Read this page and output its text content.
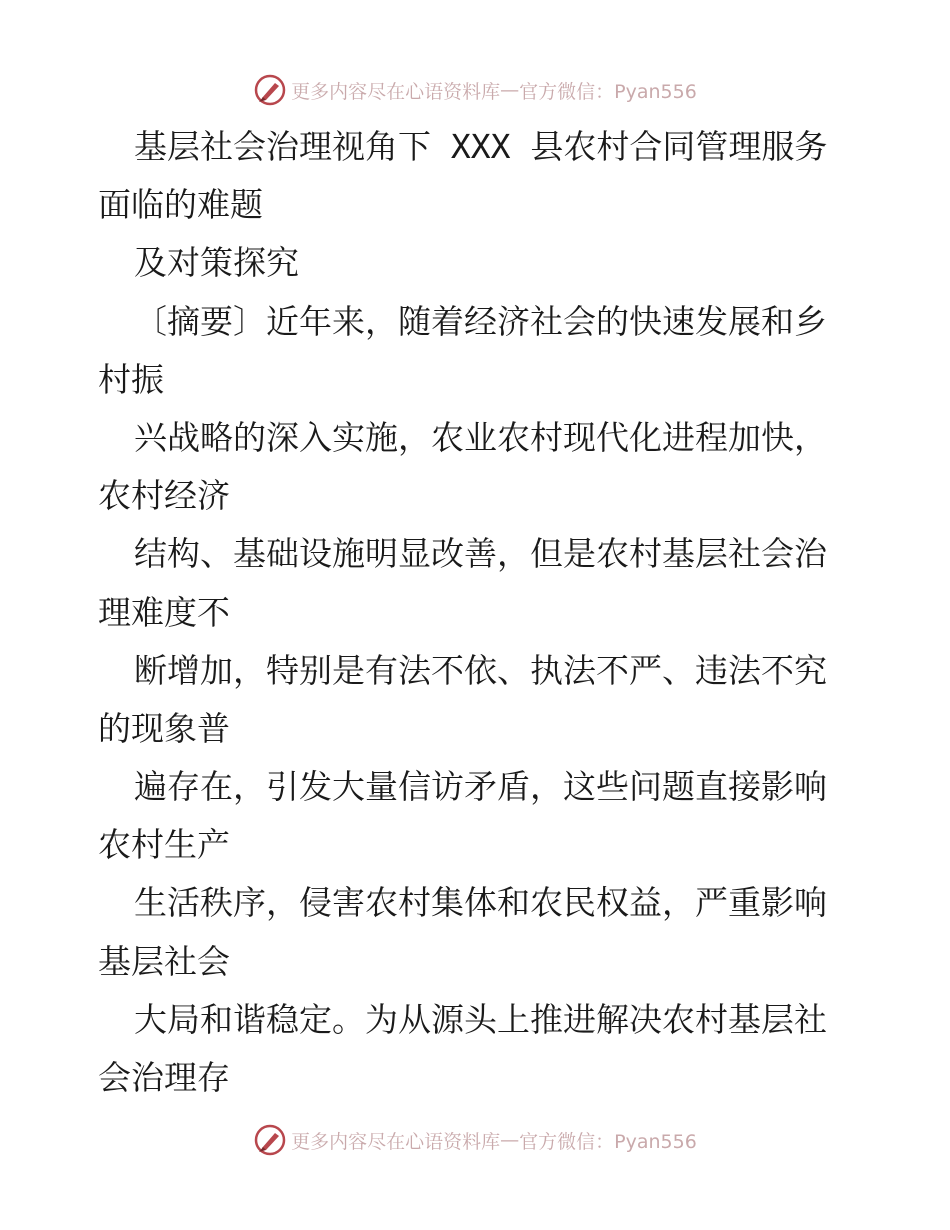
更多内容尽在心语资料库 — 官方微信：Pyan556
基层社会治理视角下 XXX 县农村合同管理服务
面临的难题
及对策探究
〔摘要〕近年来，随着经济社会的快速发展和乡
村振
兴战略的深入实施，农业农村现代化进程加快，
农村经济
结构、基础设施明显改善，但是农村基层社会治
理难度不
断增加，特别是有法不依、执法不严、违法不究
的现象普
遍存在，引发大量信访矛盾，这些问题直接影响
农村生产
生活秩序，侵害农村集体和农民权益，严重影响
基层社会
大局和谐稳定。为从源头上推进解决农村基层社
会治理存
更多内容尽在心语资料库 — 官方微信：Pyan556
